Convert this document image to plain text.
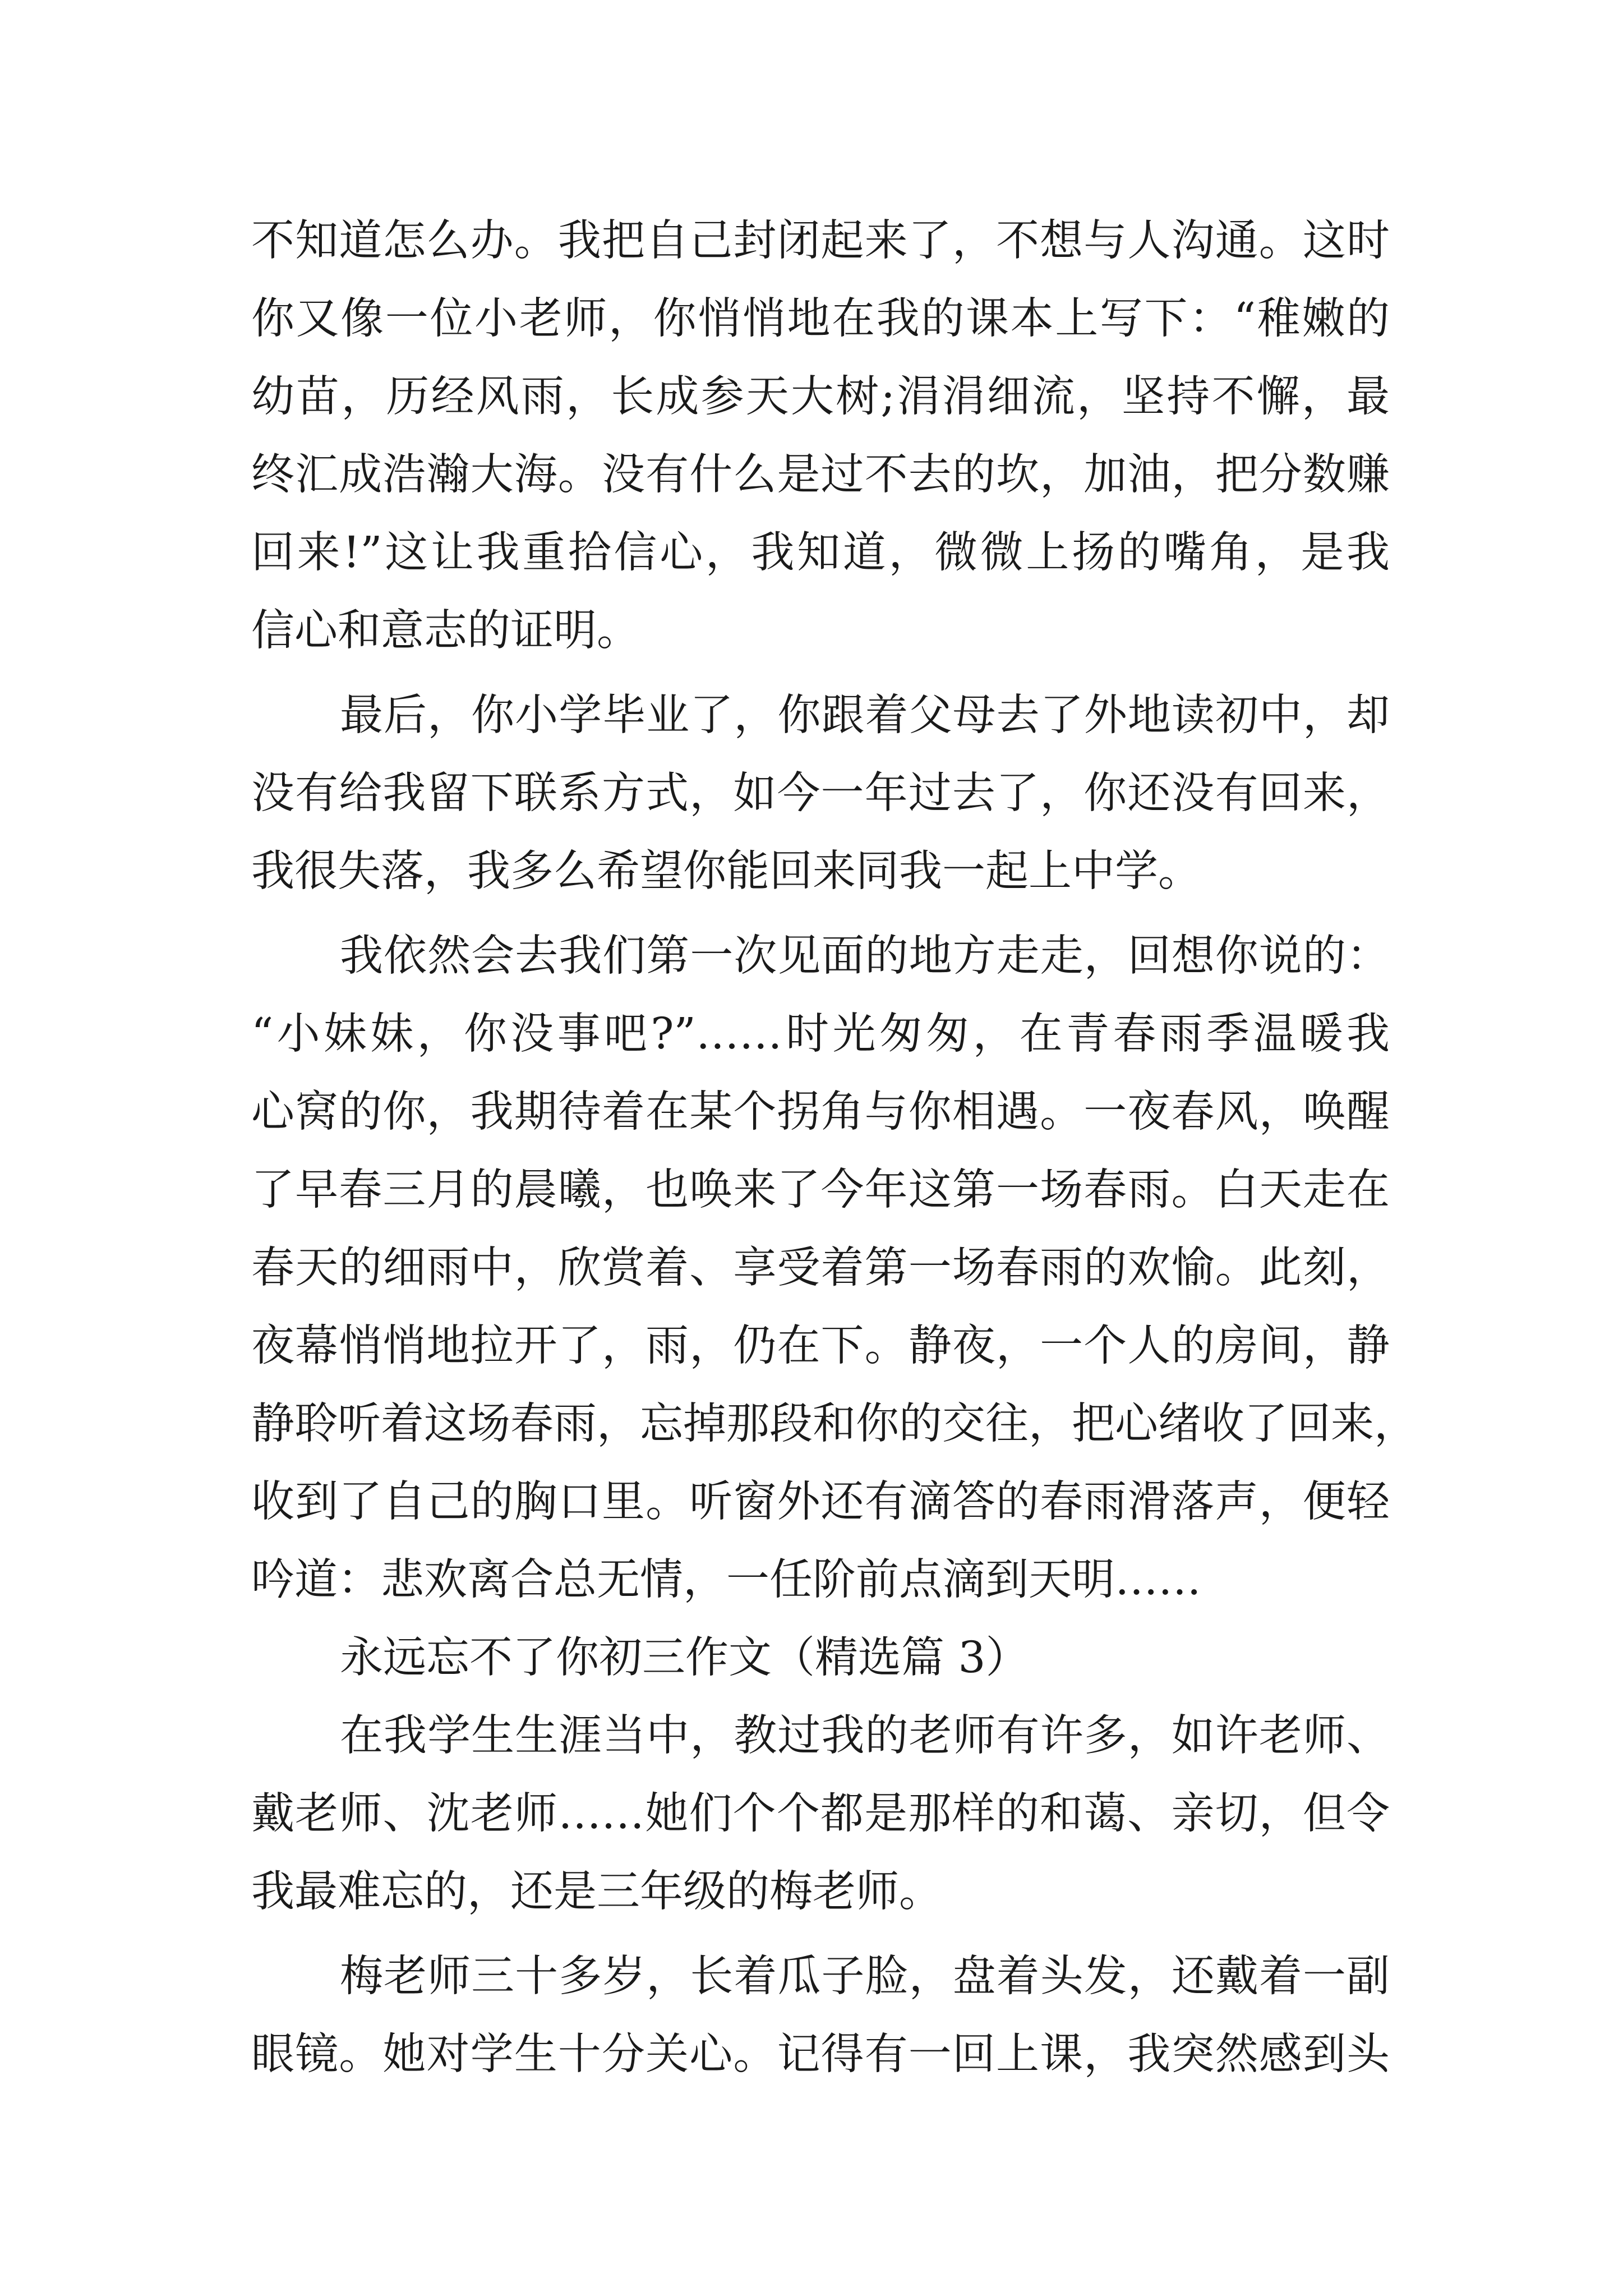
不知道怎么办。我把自己封闭起来了，不想与人沟通。这时
你又像一位小老师，你悄悄地在我的课本上写下：“稚嫩的
幼苗，历经风雨，长成参天大树;涓涓细流，坚持不懈，最
终汇成浩瀚大海。没有什么是过不去的坎，加油，把分数赚
回来!”这让我重拾信心，我知道，微微上扬的嘴角，是我
信心和意志的证明。
最后，你小学毕业了，你跟着父母去了外地读初中，却
没有给我留下联系方式，如今一年过去了，你还没有回来，
我很失落，我多么希望你能回来同我一起上中学。
我依然会去我们第一次见面的地方走走，回想你说的：
“小妹妹，你没事吧?”……时光匆匆，在青春雨季温暖我
心窝的你，我期待着在某个拐角与你相遇。一夜春风，唤醒
了早春三月的晨曦，也唤来了今年这第一场春雨。白天走在
春天的细雨中，欣赏着、享受着第一场春雨的欢愉。此刻，
夜幕悄悄地拉开了，雨，仍在下。静夜，一个人的房间，静
静聆听着这场春雨，忘掉那段和你的交往，把心绪收了回来，
收到了自己的胸口里。听窗外还有滴答的春雨滑落声，便轻
吟道：悲欢离合总无情，一任阶前点滴到天明……
永远忘不了你初三作文（精选篇 3）
在我学生生涯当中，教过我的老师有许多，如许老师、
戴老师、沈老师……她们个个都是那样的和蔼、亲切，但令
我最难忘的，还是三年级的梅老师。
梅老师三十多岁，长着瓜子脸，盘着头发，还戴着一副
眼镜。她对学生十分关心。记得有一回上课，我突然感到头
